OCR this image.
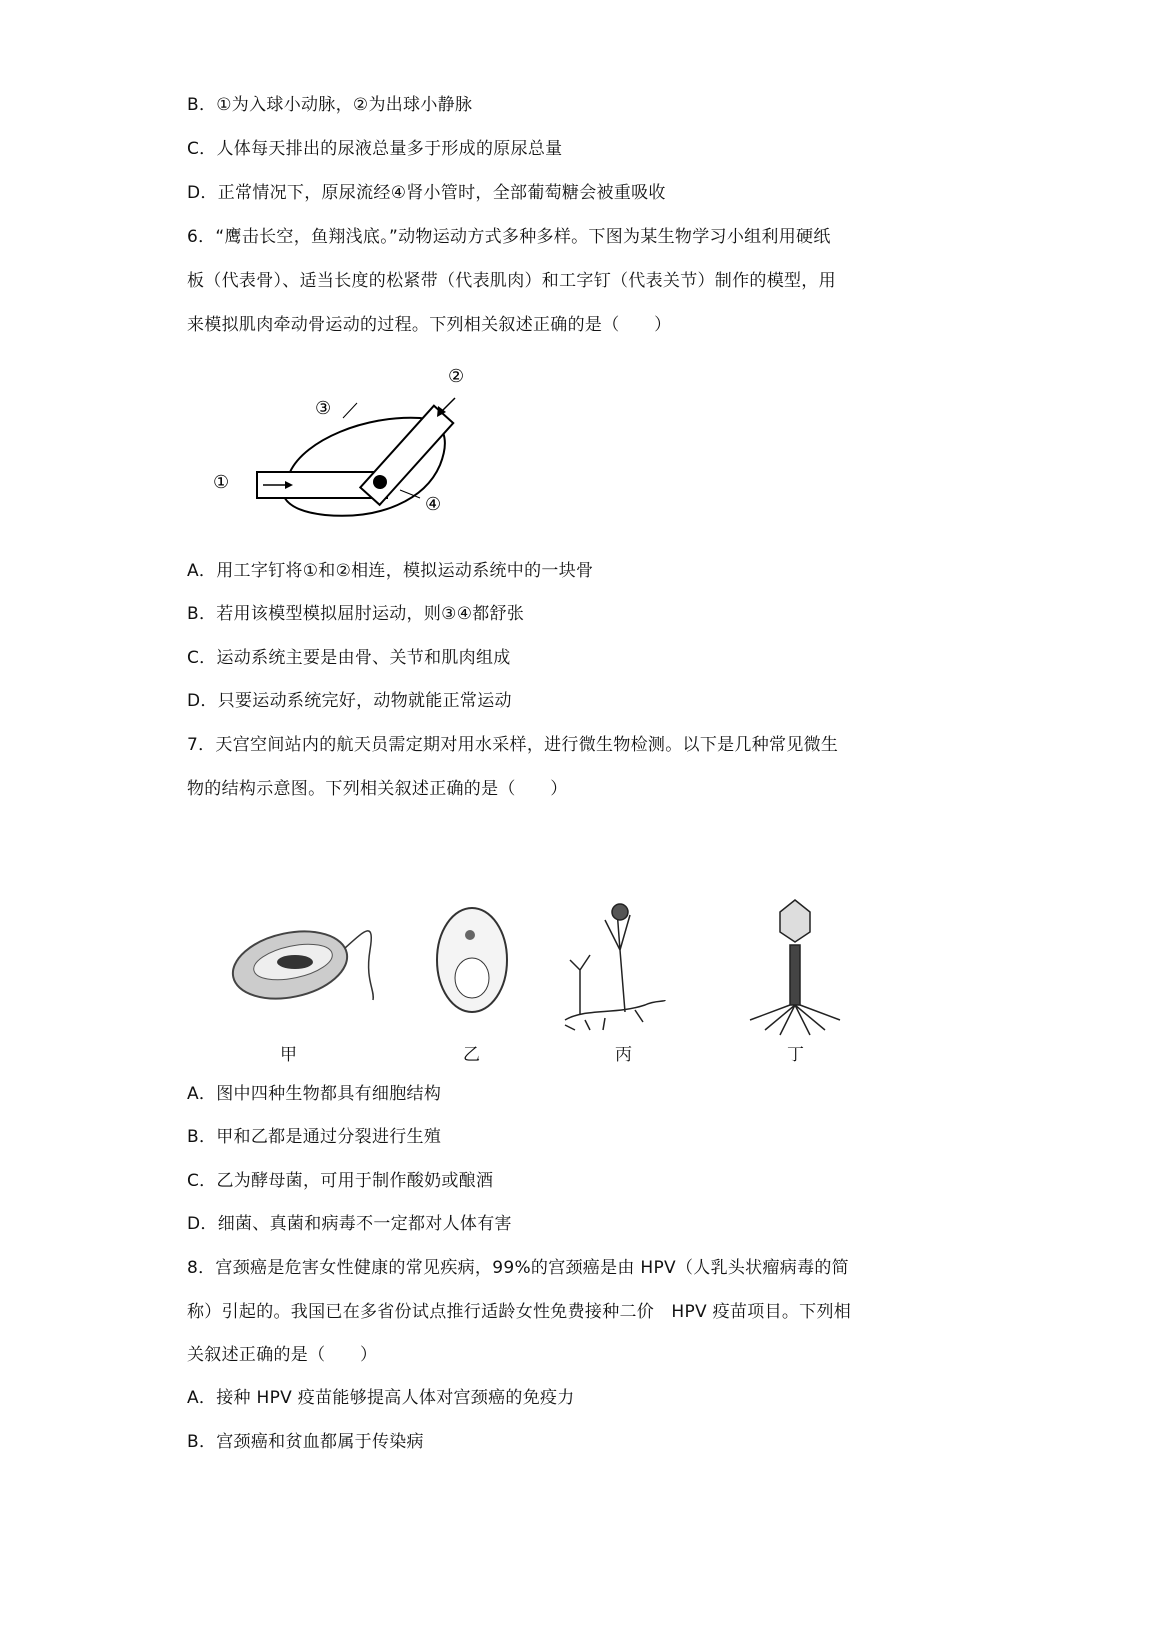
B．①为入球小动脉，②为出球小静脉
C．人体每天排出的尿液总量多于形成的原尿总量
D．正常情况下，原尿流经④肾小管时，全部葡萄糖会被重吸收
6．“鹰击长空，鱼翔浅底。”动物运动方式多种多样。下图为某生物学习小组利用硬纸
板（代表骨）、适当长度的松紧带（代表肌肉）和工字钉（代表关节）制作的模型，用
来模拟肌肉牵动骨运动的过程。下列相关叙述正确的是（　　）
①
②
③
④
A．用工字钉将①和②相连，模拟运动系统中的一块骨
B．若用该模型模拟屈肘运动，则③④都舒张
C．运动系统主要是由骨、关节和肌肉组成
D．只要运动系统完好，动物就能正常运动
7．天宫空间站内的航天员需定期对用水采样，进行微生物检测。以下是几种常见微生
物的结构示意图。下列相关叙述正确的是（　　）
甲	乙	丙	丁
A．图中四种生物都具有细胞结构
B．甲和乙都是通过分裂进行生殖
C．乙为酵母菌，可用于制作酸奶或酿酒
D．细菌、真菌和病毒不一定都对人体有害
8．宫颈癌是危害女性健康的常见疾病，99%的宫颈癌是由 HPV（人乳头状瘤病毒的简
称）引起的。我国已在多省份试点推行适龄女性免费接种二价　HPV 疫苗项目。下列相
关叙述正确的是（　　）
A．接种 HPV 疫苗能够提高人体对宫颈癌的免疫力
B．宫颈癌和贫血都属于传染病
